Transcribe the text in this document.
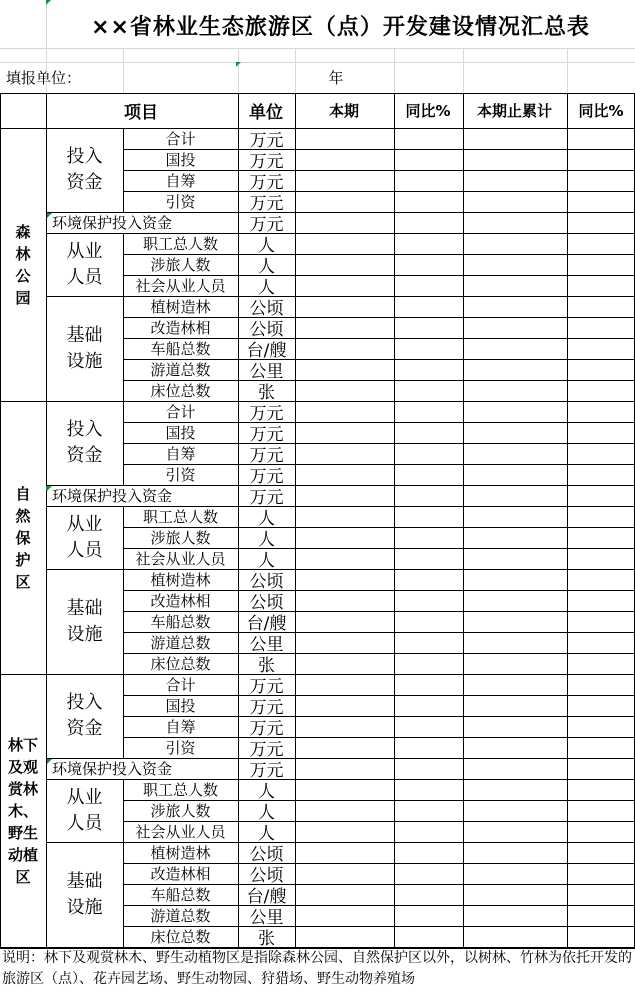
××省林业生态旅游区（点）开发建设情况汇总表
填报单位：	年
项目	单位	本期	同比%	本期止累计	同比%
森
林
公
园
投入
资金
合计	万元
国投	万元
自筹	万元
引资	万元
环境保护投入资金	万元
从业
人员
职工总人数	人
涉旅人数	人
社会从业人员	人
基础
设施
植树造林	公顷
改造林相	公顷
车船总数	台/艘
游道总数	公里
床位总数	张
自
然
保
护
区
投入
资金
合计	万元
国投	万元
自筹	万元
引资	万元
环境保护投入资金	万元
从业
人员
职工总人数	人
涉旅人数	人
社会从业人员	人
基础
设施
植树造林	公顷
改造林相	公顷
车船总数	台/艘
游道总数	公里
床位总数	张
林下
及观
赏林
木、
野生
动植
区
投入
资金
合计	万元
国投	万元
自筹	万元
引资	万元
环境保护投入资金	万元
从业
人员
职工总人数	人
涉旅人数	人
社会从业人员	人
基础
设施
植树造林	公顷
改造林相	公顷
车船总数	台/艘
游道总数	公里
床位总数	张
说明：林下及观赏林木、野生动植物区是指除森林公园、自然保护区以外，以树林、竹林为依托开发的旅游区（点）、花卉园艺场、野生动物园、狩猎场、野生动物养殖场
